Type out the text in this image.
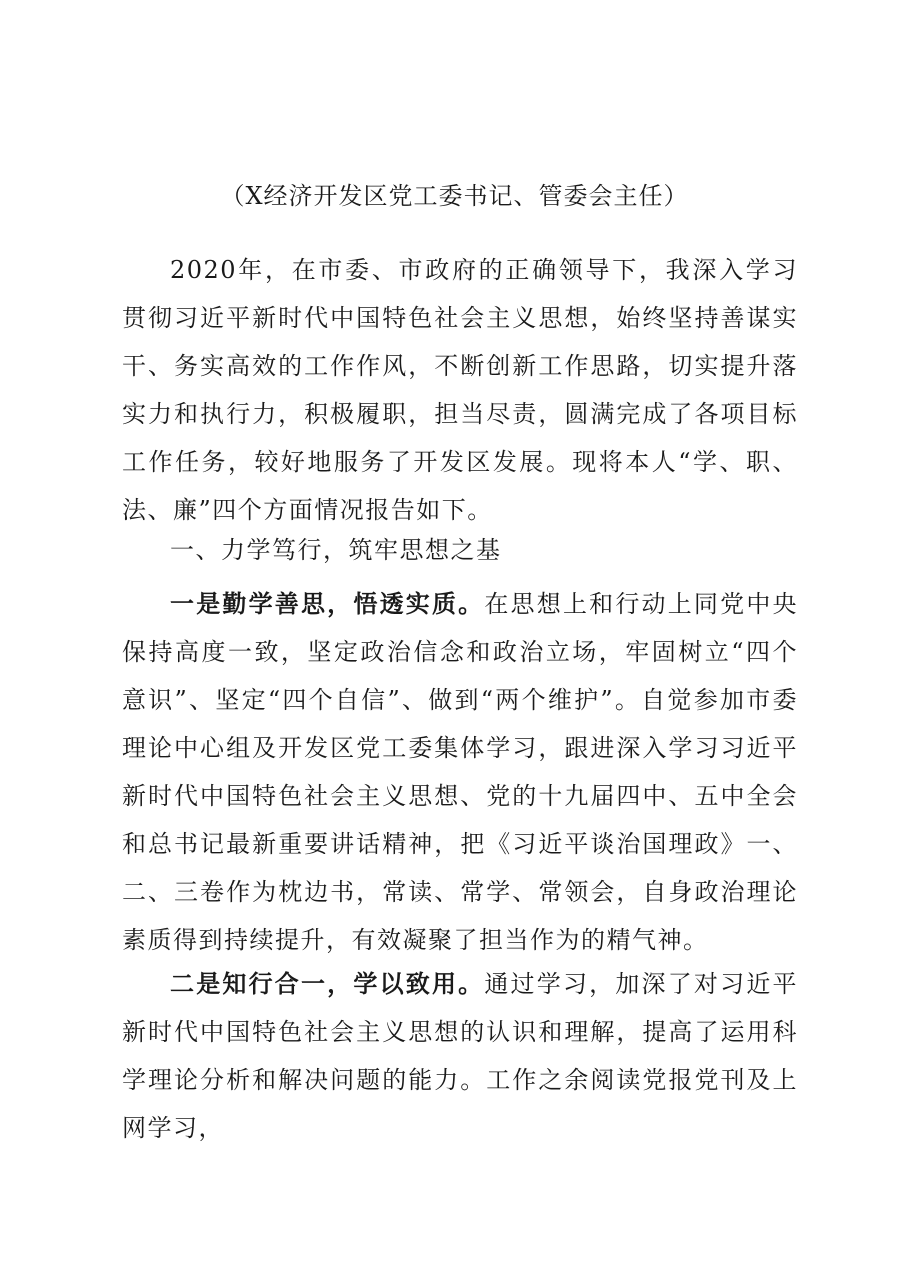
（X经济开发区党工委书记、管委会主任）
2020年，在市委、市政府的正确领导下，我深入学习贯彻习近平新时代中国特色社会主义思想，始终坚持善谋实干、务实高效的工作作风，不断创新工作思路，切实提升落实力和执行力，积极履职，担当尽责，圆满完成了各项目标工作任务，较好地服务了开发区发展。现将本人“学、职、法、廉”四个方面情况报告如下。
一、力学笃行，筑牢思想之基
一是勤学善思，悟透实质。在思想上和行动上同党中央保持高度一致，坚定政治信念和政治立场，牢固树立“四个意识”、坚定“四个自信”、做到“两个维护”。自觉参加市委理论中心组及开发区党工委集体学习，跟进深入学习习近平新时代中国特色社会主义思想、党的十九届四中、五中全会和总书记最新重要讲话精神，把《习近平谈治国理政》一、二、三卷作为枕边书，常读、常学、常领会，自身政治理论素质得到持续提升，有效凝聚了担当作为的精气神。
二是知行合一，学以致用。通过学习，加深了对习近平新时代中国特色社会主义思想的认识和理解，提高了运用科学理论分析和解决问题的能力。工作之余阅读党报党刊及上网学习，
